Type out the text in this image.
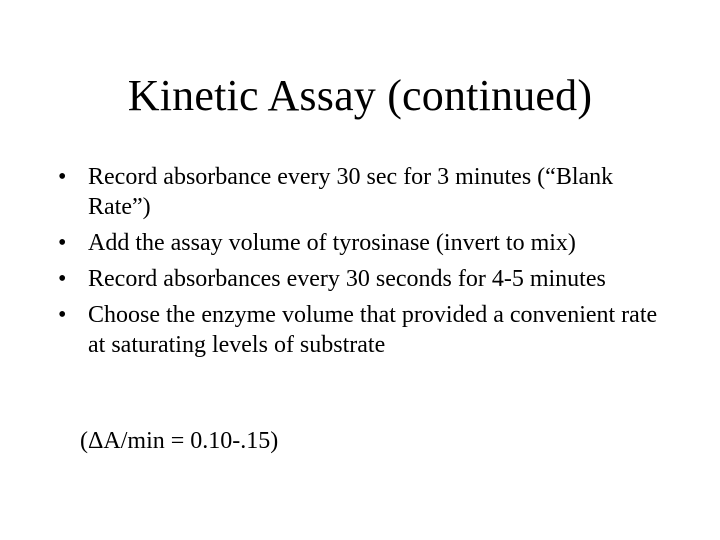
Kinetic Assay (continued)
• Record absorbance every 30 sec for 3 minutes (“Blank Rate”)
• Add the assay volume of tyrosinase (invert to mix)
• Record absorbances every 30 seconds for 4-5 minutes
• Choose the enzyme volume that provided a convenient rate at saturating levels of substrate

(ΔA/min = 0.10-.15)
